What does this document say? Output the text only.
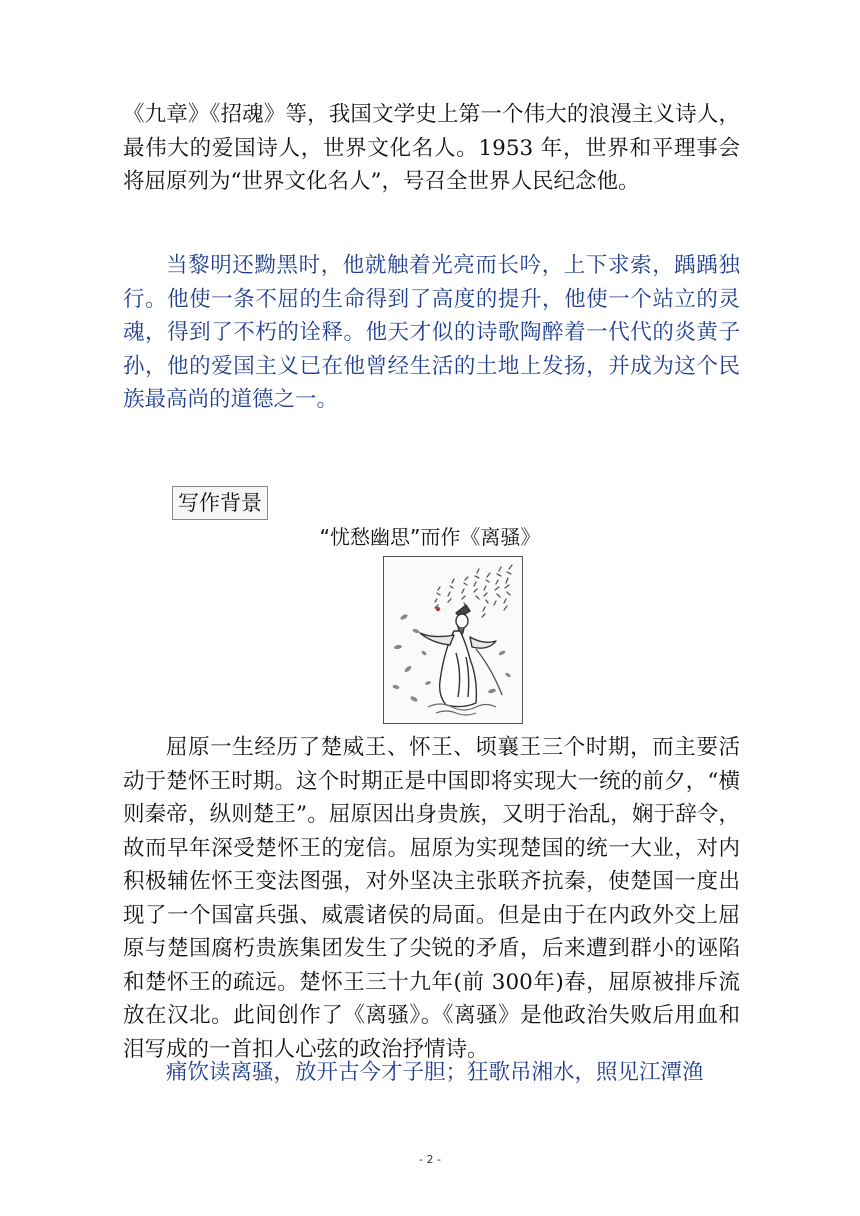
《九章》《招魂》等，我国文学史上第一个伟大的浪漫主义诗人，最伟大的爱国诗人，世界文化名人。1953 年，世界和平理事会将屈原列为“世界文化名人”，号召全世界人民纪念他。

当黎明还黝黑时，他就触着光亮而长吟，上下求索，踽踽独行。他使一条不屈的生命得到了高度的提升，他使一个站立的灵魂，得到了不朽的诠释。他天才似的诗歌陶醉着一代代的炎黄子孙，他的爱国主义已在他曾经生活的土地上发扬，并成为这个民族最高尚的道德之一。

写作背景
“忧愁幽思”而作《离骚》

屈原一生经历了楚威王、怀王、顷襄王三个时期，而主要活动于楚怀王时期。这个时期正是中国即将实现大一统的前夕，“横则秦帝，纵则楚王”。屈原因出身贵族，又明于治乱，娴于辞令，故而早年深受楚怀王的宠信。屈原为实现楚国的统一大业，对内积极辅佐怀王变法图强，对外坚决主张联齐抗秦，使楚国一度出现了一个国富兵强、威震诸侯的局面。但是由于在内政外交上屈原与楚国腐朽贵族集团发生了尖锐的矛盾，后来遭到群小的诬陷和楚怀王的疏远。楚怀王三十九年(前 300年)春，屈原被排斥流放在汉北。此间创作了《离骚》。《离骚》是他政治失败后用血和泪写成的一首扣人心弦的政治抒情诗。

痛饮读离骚，放开古今才子胆；狂歌吊湘水，照见江潭渔

- 2 -
